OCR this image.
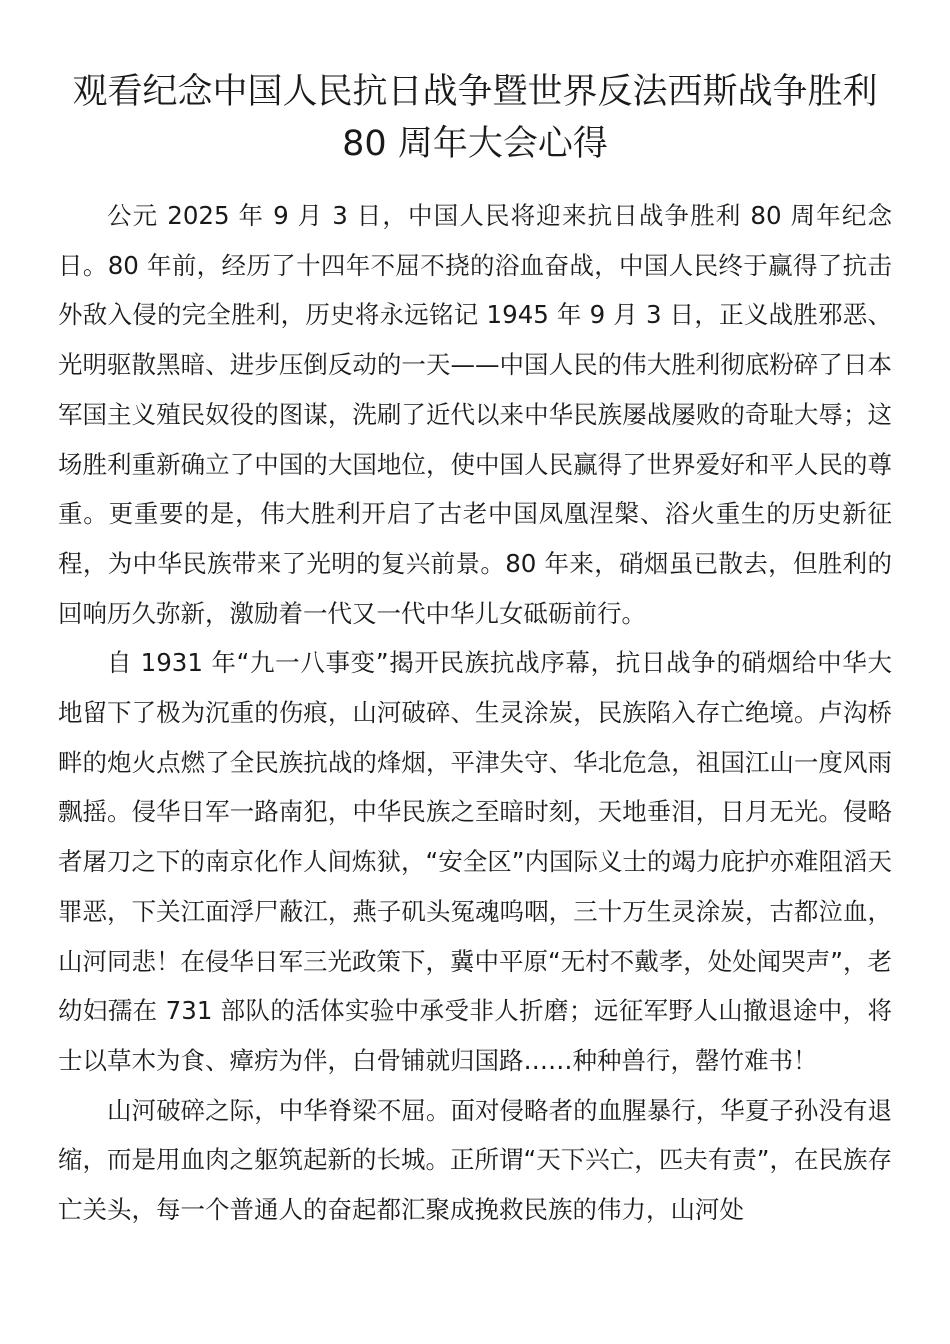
观看纪念中国人民抗日战争暨世界反法西斯战争胜利
80 周年大会心得

公元 2025 年 9 月 3 日，中国人民将迎来抗日战争胜利 80 周年纪念日。80 年前，经历了十四年不屈不挠的浴血奋战，中国人民终于赢得了抗击外敌入侵的完全胜利，历史将永远铭记 1945 年 9 月 3 日，正义战胜邪恶、光明驱散黑暗、进步压倒反动的一天——中国人民的伟大胜利彻底粉碎了日本军国主义殖民奴役的图谋，洗刷了近代以来中华民族屡战屡败的奇耻大辱；这场胜利重新确立了中国的大国地位，使中国人民赢得了世界爱好和平人民的尊重。更重要的是，伟大胜利开启了古老中国凤凰涅槃、浴火重生的历史新征程，为中华民族带来了光明的复兴前景。80 年来，硝烟虽已散去，但胜利的回响历久弥新，激励着一代又一代中华儿女砥砺前行。

自 1931 年“九一八事变”揭开民族抗战序幕，抗日战争的硝烟给中华大地留下了极为沉重的伤痕，山河破碎、生灵涂炭，民族陷入存亡绝境。卢沟桥畔的炮火点燃了全民族抗战的烽烟，平津失守、华北危急，祖国江山一度风雨飘摇。侵华日军一路南犯，中华民族之至暗时刻，天地垂泪，日月无光。侵略者屠刀之下的南京化作人间炼狱，“安全区”内国际义士的竭力庇护亦难阻滔天罪恶，下关江面浮尸蔽江，燕子矶头冤魂呜咽，三十万生灵涂炭，古都泣血，山河同悲！在侵华日军三光政策下，冀中平原“无村不戴孝，处处闻哭声”，老幼妇孺在 731 部队的活体实验中承受非人折磨；远征军野人山撤退途中，将士以草木为食、瘴疠为伴，白骨铺就归国路……种种兽行，罄竹难书！

山河破碎之际，中华脊梁不屈。面对侵略者的血腥暴行，华夏子孙没有退缩，而是用血肉之躯筑起新的长城。正所谓“天下兴亡，匹夫有责”，在民族存亡关头，每一个普通人的奋起都汇聚成挽救民族的伟力，山河处
